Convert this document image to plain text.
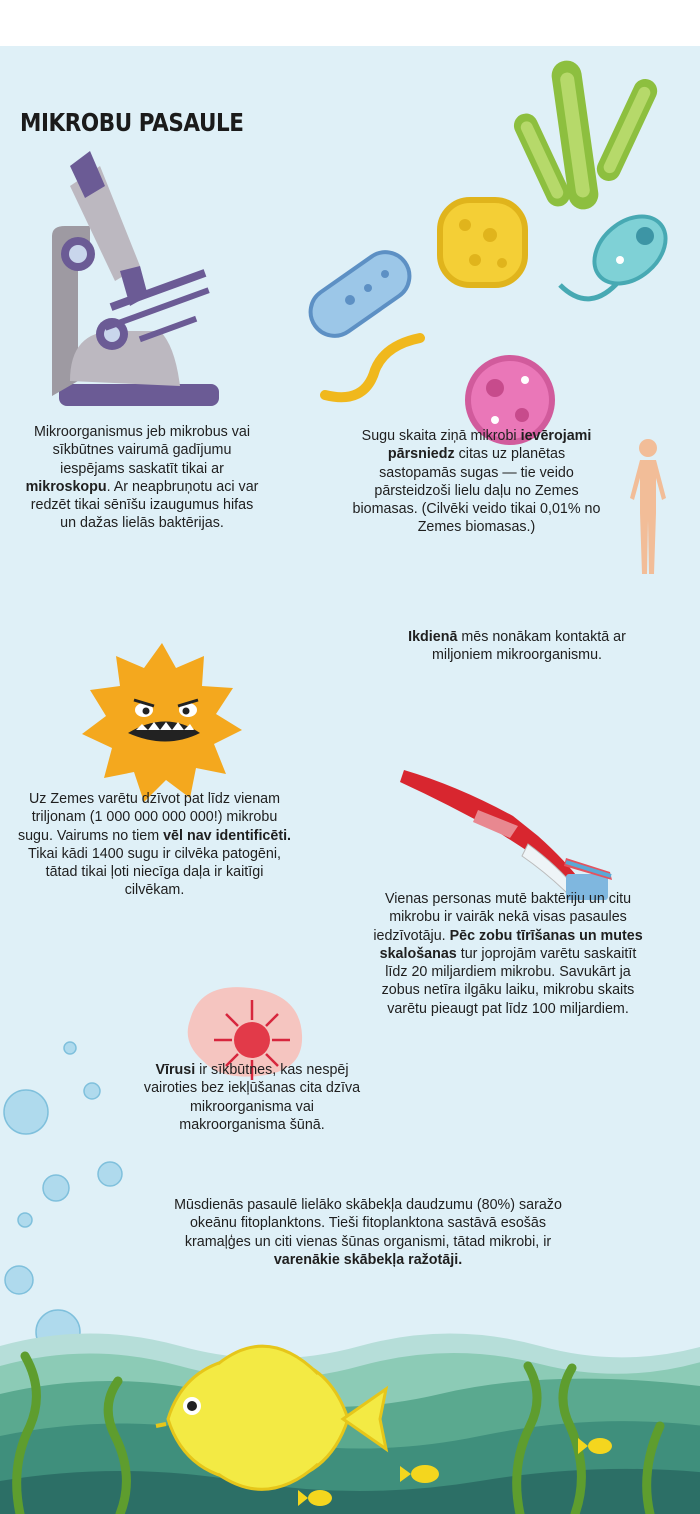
MIKROBU PASAULE
Mikroorganismus jeb mikrobus vai sīkbūtnes vairumā gadījumu iespējams saskatīt tikai ar mikroskopu. Ar neapbruņotu aci var redzēt tikai sēnīšu izaugumus hifas un dažas lielās baktērijas.
Sugu skaita ziņā mikrobi ievērojami pārsniedz citas uz planētas sastopamās sugas — tie veido pārsteidzoši lielu daļu no Zemes biomasas. (Cilvēki veido tikai 0,01% no Zemes biomasas.)
Ikdienā mēs nonākam kontaktā ar miljoniem mikroorganismu.
Uz Zemes varētu dzīvot pat līdz vienam triljonam (1 000 000 000 000!) mikrobu sugu. Vairums no tiem vēl nav identificēti. Tikai kādi 1400 sugu ir cilvēka patogēni, tātad tikai ļoti niecīga daļa ir kaitīgi cilvēkam.
Vienas personas mutē baktēriju un citu mikrobu ir vairāk nekā visas pasaules iedzīvotāju. Pēc zobu tīrīšanas un mutes skalošanas tur joprojām varētu saskaitīt līdz 20 miljardiem mikrobu. Savukārt ja zobus netīra ilgāku laiku, mikrobu skaits varētu pieaugt pat līdz 100 miljardiem.
Vīrusi ir sīkbūtnes, kas nespēj vairoties bez iekļūšanas cita dzīva mikroorganisma vai makroorganisma šūnā.
Mūsdienās pasaulē lielāko skābekļa daudzumu (80%) saražo okeānu fitoplanktons. Tieši fitoplanktona sastāvā esošās kramaļģes un citi vienas šūnas organismi, tātad mikrobi, ir varenākie skābekļa ražotāji.
